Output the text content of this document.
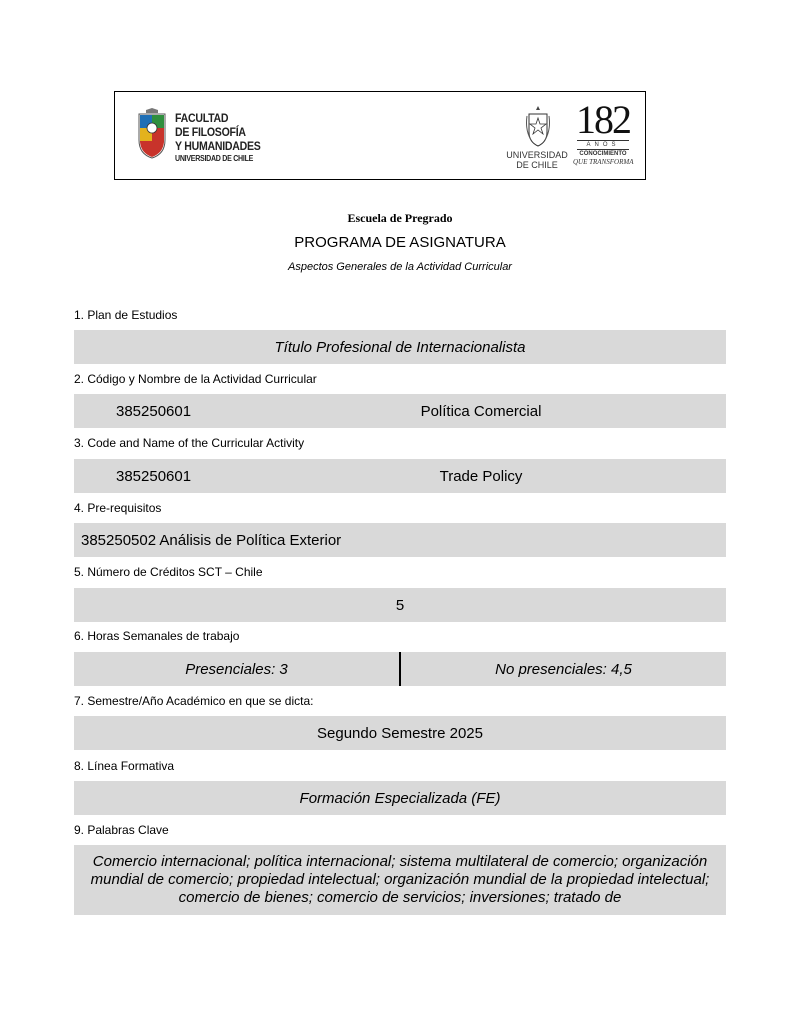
FACULTAD
DE FILOSOFÍA
Y HUMANIDADES
UNIVERSIDAD DE CHILE	UNIVERSIDAD
DE CHILE
182
AÑOS
CONOCIMIENTO
QUE TRANSFORMA
Escuela de Pregrado
PROGRAMA DE ASIGNATURA
Aspectos Generales de la Actividad Curricular
1. Plan de Estudios
Título Profesional de Internacionalista
2. Código y Nombre de la Actividad Curricular
385250601	Política Comercial
3. Code and Name of the Curricular Activity
385250601	Trade Policy
4. Pre-requisitos
385250502 Análisis de Política Exterior
5. Número de Créditos SCT – Chile
5
6. Horas Semanales de trabajo
Presenciales: 3	No presenciales: 4,5
7. Semestre/Año Académico en que se dicta:
Segundo Semestre 2025
8. Línea Formativa
Formación Especializada (FE)
9. Palabras Clave
Comercio internacional; política internacional; sistema multilateral de comercio; organización mundial de comercio; propiedad intelectual; organización mundial de la propiedad intelectual; comercio de bienes; comercio de servicios; inversiones; tratado de
